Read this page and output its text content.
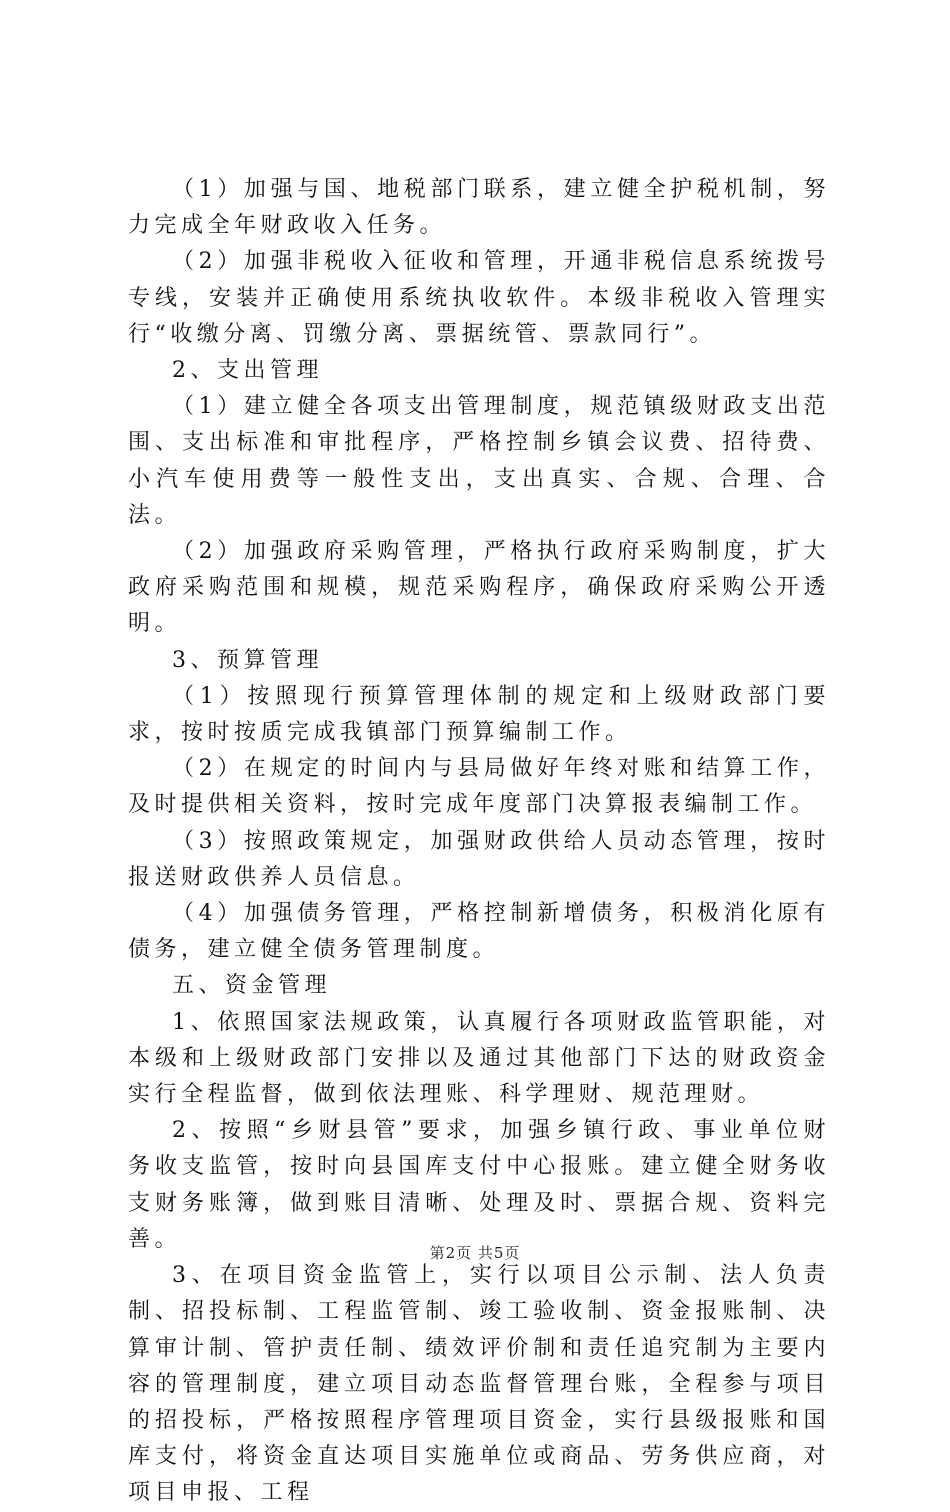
（1）加强与国、地税部门联系，建立健全护税机制，努力完成全年财政收入任务。

（2）加强非税收入征收和管理，开通非税信息系统拨号专线，安装并正确使用系统执收软件。本级非税收入管理实行“收缴分离、罚缴分离、票据统管、票款同行”。

2、支出管理

（1）建立健全各项支出管理制度，规范镇级财政支出范围、支出标准和审批程序，严格控制乡镇会议费、招待费、小汽车使用费等一般性支出，支出真实、合规、合理、合法。

（2）加强政府采购管理，严格执行政府采购制度，扩大政府采购范围和规模，规范采购程序，确保政府采购公开透明。

3、预算管理

（1）按照现行预算管理体制的规定和上级财政部门要求，按时按质完成我镇部门预算编制工作。

（2）在规定的时间内与县局做好年终对账和结算工作，及时提供相关资料，按时完成年度部门决算报表编制工作。

（3）按照政策规定，加强财政供给人员动态管理，按时报送财政供养人员信息。

（4）加强债务管理，严格控制新增债务，积极消化原有债务，建立健全债务管理制度。

五、资金管理

1、依照国家法规政策，认真履行各项财政监管职能，对本级和上级财政部门安排以及通过其他部门下达的财政资金实行全程监督，做到依法理账、科学理财、规范理财。

2、按照“乡财县管”要求，加强乡镇行政、事业单位财务收支监管，按时向县国库支付中心报账。建立健全财务收支财务账簿，做到账目清晰、处理及时、票据合规、资料完善。

3、在项目资金监管上，实行以项目公示制、法人负责制、招投标制、工程监管制、竣工验收制、资金报账制、决算审计制、管护责任制、绩效评价制和责任追究制为主要内容的管理制度，建立项目动态监督管理台账，全程参与项目的招投标，严格按照程序管理项目资金，实行县级报账和国库支付，将资金直达项目实施单位或商品、劳务供应商，对项目申报、工程

第2页 共5页
